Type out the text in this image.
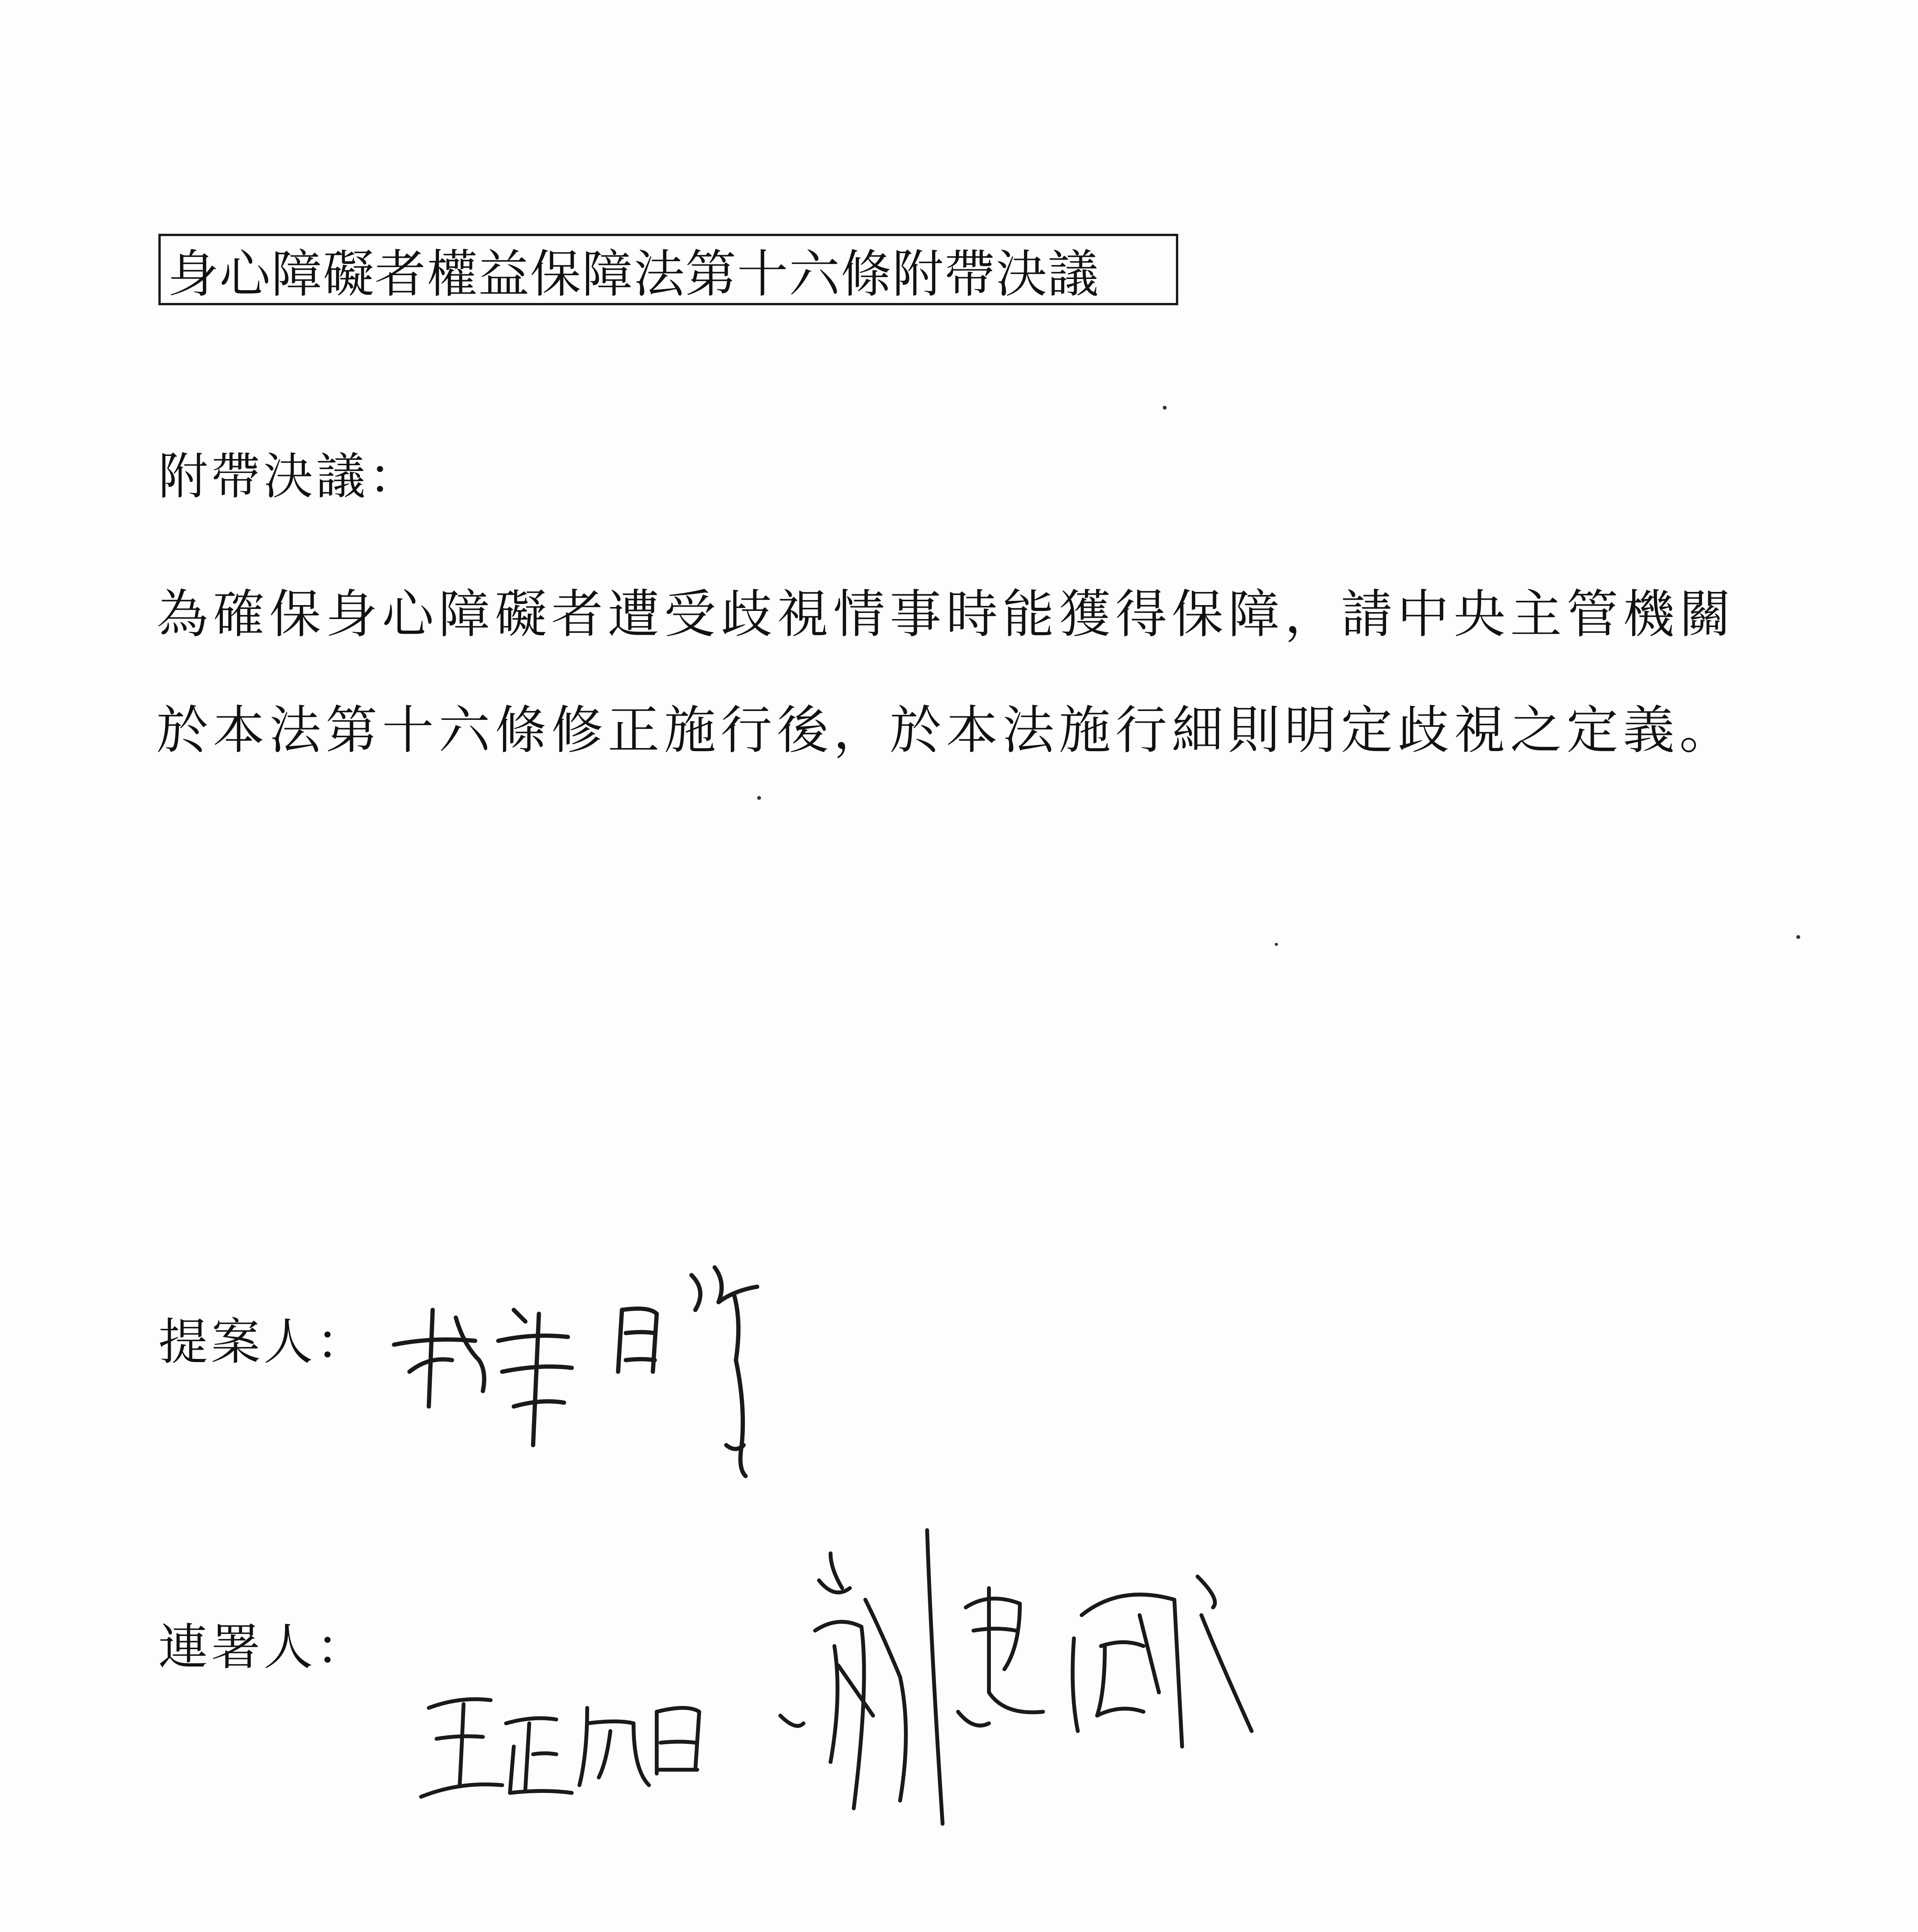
身心障礙者權益保障法第十六條附帶決議
附帶決議：
為確保身心障礙者遭受歧視情事時能獲得保障，請中央主管機關
於本法第十六條修正施行後，於本法施行細則明定歧視之定義。
提案人：
連署人：
